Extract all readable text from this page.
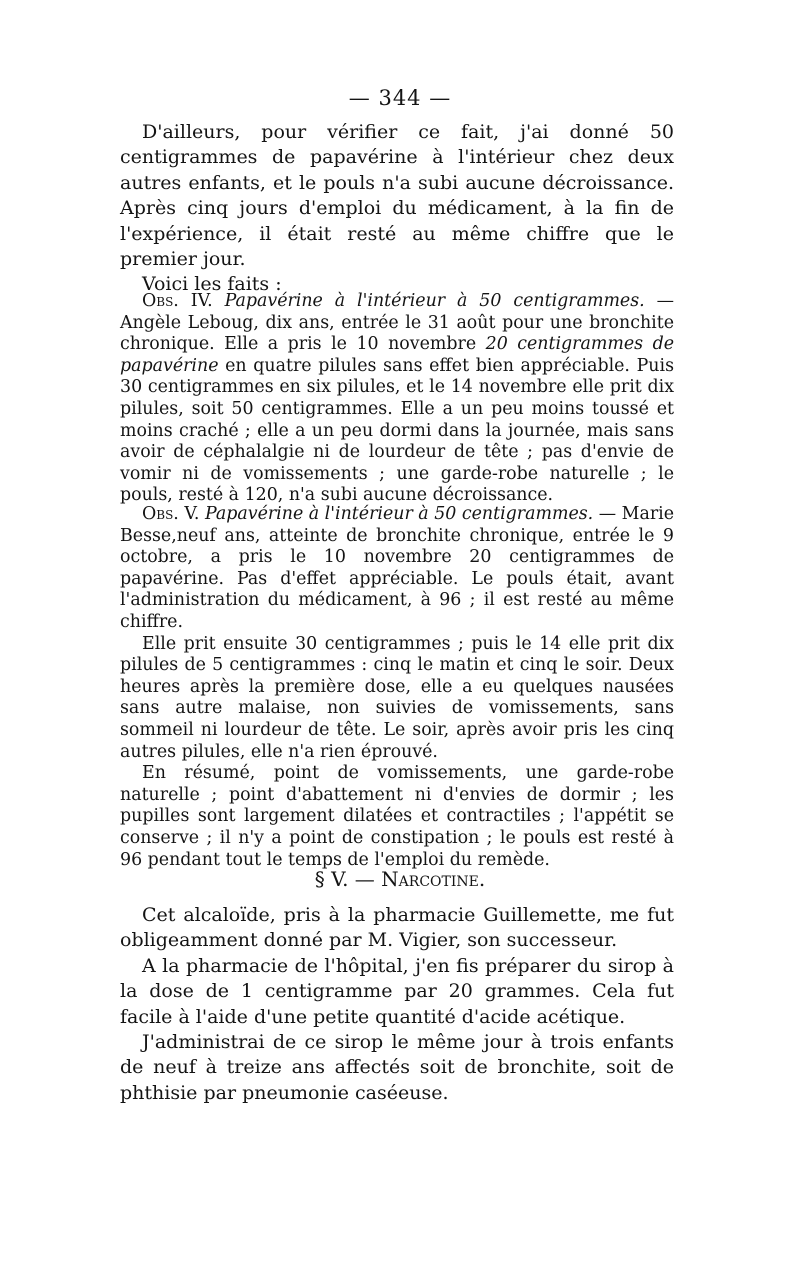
— 344 —

D'ailleurs, pour vérifier ce fait, j'ai donné 50 centigrammes de papavérine à l'intérieur chez deux autres enfants, et le pouls n'a subi aucune décroissance. Après cinq jours d'emploi du médicament, à la fin de l'expérience, il était resté au même chiffre que le premier jour.

Voici les faits :

Obs. IV. Papavérine à l'intérieur à 50 centigrammes. — Angèle Leboug, dix ans, entrée le 31 août pour une bronchite chronique. Elle a pris le 10 novembre 20 centigrammes de papavérine en quatre pilules sans effet bien appréciable. Puis 30 centigrammes en six pilules, et le 14 novembre elle prit dix pilules, soit 50 centigrammes. Elle a un peu moins toussé et moins craché ; elle a un peu dormi dans la journée, mais sans avoir de céphalalgie ni de lourdeur de tête ; pas d'envie de vomir ni de vomissements ; une garde-robe naturelle ; le pouls, resté à 120, n'a subi aucune décroissance.

Obs. V. Papavérine à l'intérieur à 50 centigrammes. — Marie Besse,neuf ans, atteinte de bronchite chronique, entrée le 9 octobre, a pris le 10 novembre 20 centigrammes de papavérine. Pas d'effet appréciable. Le pouls était, avant l'administration du médicament, à 96 ; il est resté au même chiffre.

Elle prit ensuite 30 centigrammes ; puis le 14 elle prit dix pilules de 5 centigrammes : cinq le matin et cinq le soir. Deux heures après la première dose, elle a eu quelques nausées sans autre malaise, non suivies de vomissements, sans sommeil ni lourdeur de tête. Le soir, après avoir pris les cinq autres pilules, elle n'a rien éprouvé.

En résumé, point de vomissements, une garde-robe naturelle ; point d'abattement ni d'envies de dormir ; les pupilles sont largement dilatées et contractiles ; l'appétit se conserve ; il n'y a point de constipation ; le pouls est resté à 96 pendant tout le temps de l'emploi du remède.

§ V. — Narcotine.

Cet alcaloïde, pris à la pharmacie Guillemette, me fut obligeamment donné par M. Vigier, son successeur.

A la pharmacie de l'hôpital, j'en fis préparer du sirop à la dose de 1 centigramme par 20 grammes. Cela fut facile à l'aide d'une petite quantité d'acide acétique.

J'administrai de ce sirop le même jour à trois enfants de neuf à treize ans affectés soit de bronchite, soit de phthisie par pneumonie caséeuse.
